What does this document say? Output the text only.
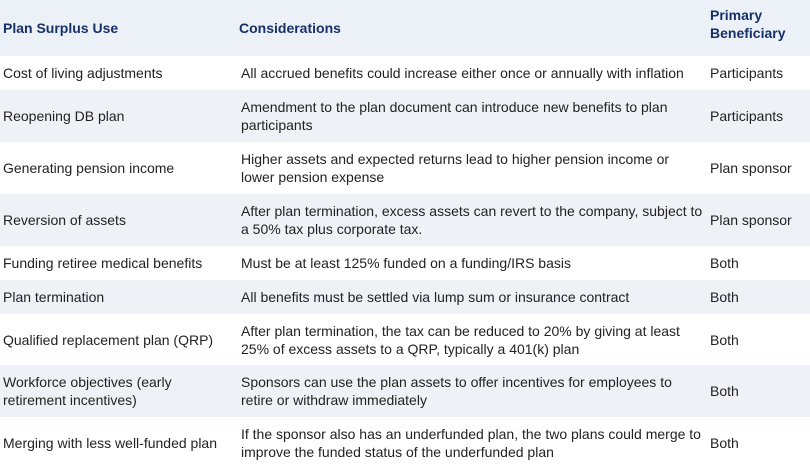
Plan Surplus Use	Considerations	Primary Beneficiary
Cost of living adjustments	All accrued benefits could increase either once or annually with inflation	Participants
Reopening DB plan	Amendment to the plan document can introduce new benefits to plan participants	Participants
Generating pension income	Higher assets and expected returns lead to higher pension income or lower pension expense	Plan sponsor
Reversion of assets	After plan termination, excess assets can revert to the company, subject to a 50% tax plus corporate tax.	Plan sponsor
Funding retiree medical benefits	Must be at least 125% funded on a funding/IRS basis	Both
Plan termination	All benefits must be settled via lump sum or insurance contract	Both
Qualified replacement plan (QRP)	After plan termination, the tax can be reduced to 20% by giving at least 25% of excess assets to a QRP, typically a 401(k) plan	Both
Workforce objectives (early retirement incentives)	Sponsors can use the plan assets to offer incentives for employees to retire or withdraw immediately	Both
Merging with less well-funded plan	If the sponsor also has an underfunded plan, the two plans could merge to improve the funded status of the underfunded plan	Both
